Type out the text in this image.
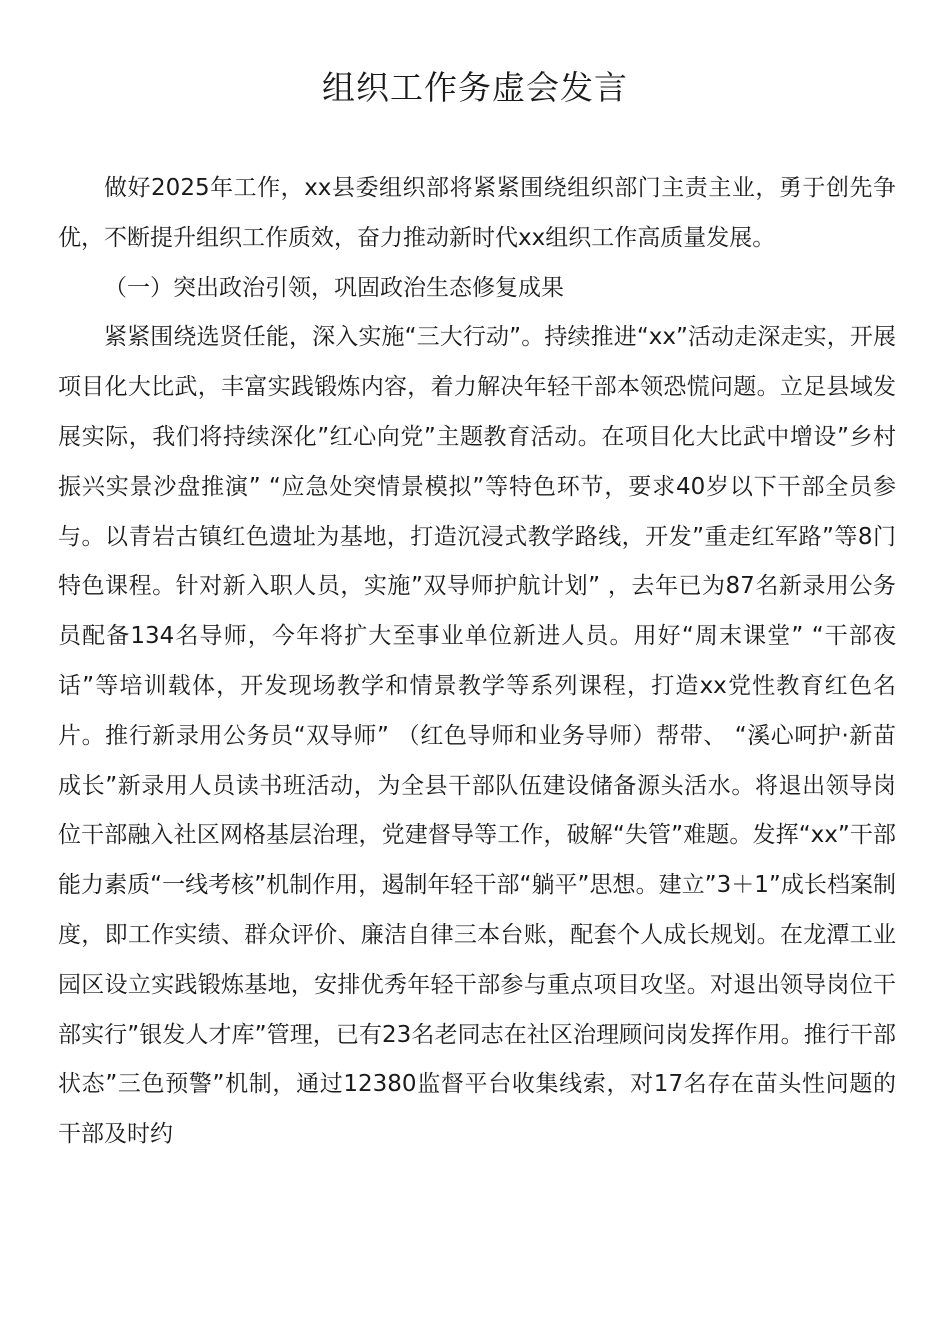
组织工作务虚会发言

做好2025年工作，xx县委组织部将紧紧围绕组织部门主责主业，勇于创先争优，不断提升组织工作质效，奋力推动新时代xx组织工作高质量发展。

（一）突出政治引领，巩固政治生态修复成果

紧紧围绕选贤任能，深入实施“三大行动”。持续推进“xx”活动走深走实，开展项目化大比武，丰富实践锻炼内容，着力解决年轻干部本领恐慌问题。立足县域发展实际，我们将持续深化”红心向党”主题教育活动。在项目化大比武中增设”乡村振兴实景沙盘推演” “应急处突情景模拟”等特色环节，要求40岁以下干部全员参与。以青岩古镇红色遗址为基地，打造沉浸式教学路线，开发”重走红军路”等8门特色课程。针对新入职人员，实施”双导师护航计划” ，去年已为87名新录用公务员配备134名导师，今年将扩大至事业单位新进人员。用好“周末课堂” “干部夜话”等培训载体，开发现场教学和情景教学等系列课程，打造xx党性教育红色名片。推行新录用公务员“双导师” （红色导师和业务导师）帮带、 “溪心呵护·新苗成长”新录用人员读书班活动，为全县干部队伍建设储备源头活水。将退出领导岗位干部融入社区网格基层治理，党建督导等工作，破解“失管”难题。发挥“xx”干部能力素质“一线考核”机制作用，遏制年轻干部“躺平”思想。建立”3＋1”成长档案制度，即工作实绩、群众评价、廉洁自律三本台账，配套个人成长规划。在龙潭工业园区设立实践锻炼基地，安排优秀年轻干部参与重点项目攻坚。对退出领导岗位干部实行”银发人才库”管理，已有23名老同志在社区治理顾问岗发挥作用。推行干部状态”三色预警”机制，通过12380监督平台收集线索，对17名存在苗头性问题的干部及时约
